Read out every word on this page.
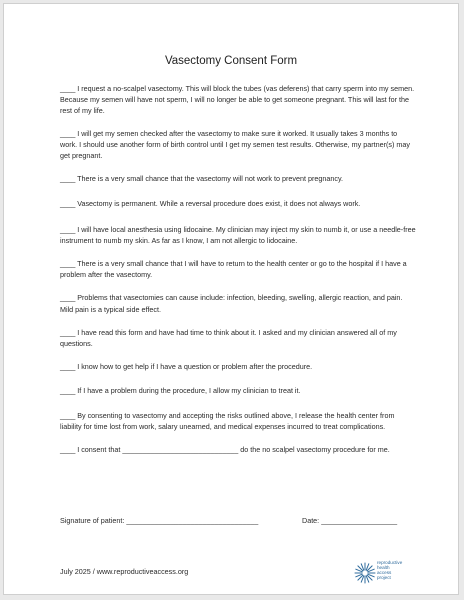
Vasectomy Consent Form

____ I request a no-scalpel vasectomy. This will block the tubes (vas deferens) that carry sperm into my semen. Because my semen will have not sperm, I will no longer be able to get someone pregnant. This will last for the rest of my life.

____ I will get my semen checked after the vasectomy to make sure it worked. It usually takes 3 months to work. I should use another form of birth control until I get my semen test results. Otherwise, my partner(s) may get pregnant.

____ There is a very small chance that the vasectomy will not work to prevent pregnancy.

____ Vasectomy is permanent. While a reversal procedure does exist, it does not always work.

____ I will have local anesthesia using lidocaine. My clinician may inject my skin to numb it, or use a needle-free instrument to numb my skin. As far as I know, I am not allergic to lidocaine.

____ There is a very small chance that I will have to return to the health center or go to the hospital if I have a problem after the vasectomy.

____ Problems that vasectomies can cause include: infection, bleeding, swelling, allergic reaction, and pain. Mild pain is a typical side effect.

____ I have read this form and have had time to think about it. I asked and my clinician answered all of my questions.

____ I know how to get help if I have a question or problem after the procedure.

____ If I have a problem during the procedure, I allow my clinician to treat it.

____ By consenting to vasectomy and accepting the risks outlined above, I release the health center from liability for time lost from work, salary unearned, and medical expenses incurred to treat complications.

____ I consent that _____________________________ do the no scalpel vasectomy procedure for me.

Signature of patient: _________________________________	Date: ___________________
July 2025 / www.reproductiveaccess.org
reproductive
health
access
project
